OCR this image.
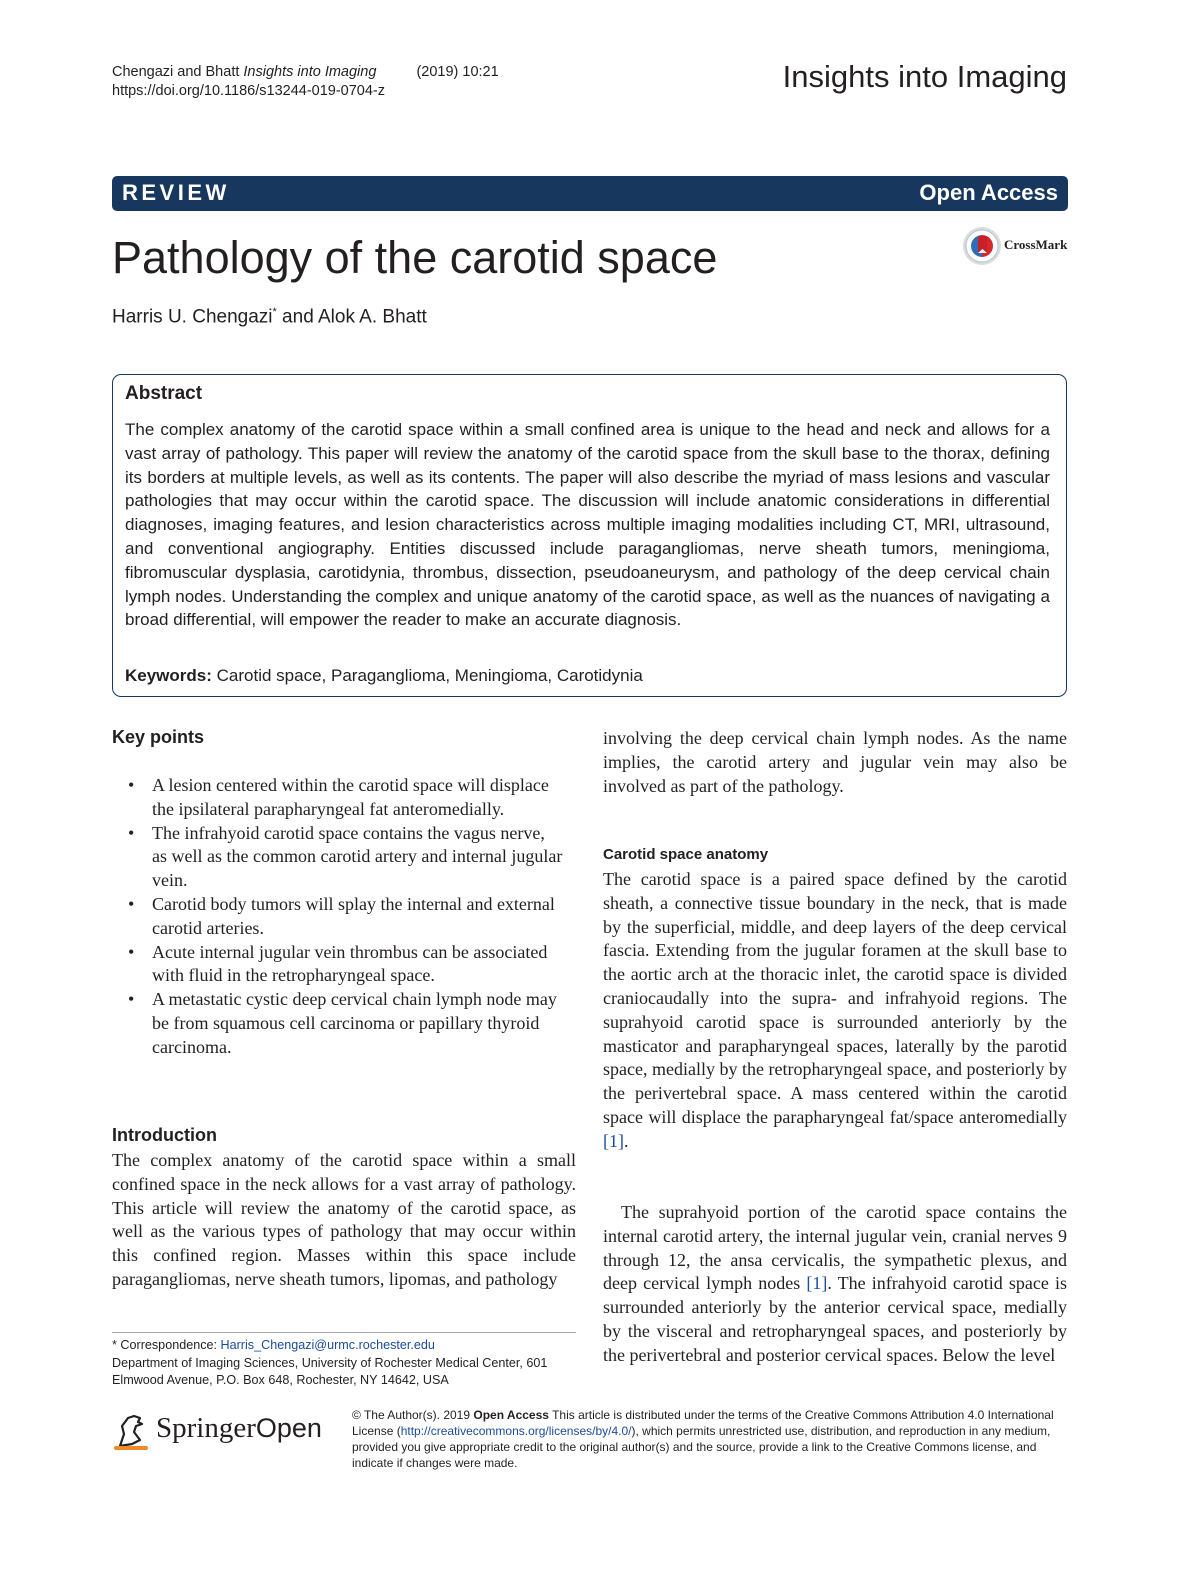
Chengazi and Bhatt Insights into Imaging	(2019) 10:21
https://doi.org/10.1186/s13244-019-0704-z	Insights into Imaging
REVIEW	Open Access
Pathology of the carotid space	CrossMark
Harris U. Chengazi* and Alok A. Bhatt
Abstract
The complex anatomy of the carotid space within a small confined area is unique to the head and neck and allows for a vast array of pathology. This paper will review the anatomy of the carotid space from the skull base to the thorax, defining its borders at multiple levels, as well as its contents. The paper will also describe the myriad of mass lesions and vascular pathologies that may occur within the carotid space. The discussion will include anatomic considerations in differential diagnoses, imaging features, and lesion characteristics across multiple imaging modalities including CT, MRI, ultrasound, and conventional angiography. Entities discussed include paragangliomas, nerve sheath tumors, meningioma, fibromuscular dysplasia, carotidynia, thrombus, dissection, pseudoaneurysm, and pathology of the deep cervical chain lymph nodes. Understanding the complex and unique anatomy of the carotid space, as well as the nuances of navigating a broad differential, will empower the reader to make an accurate diagnosis.
Keywords: Carotid space, Paraganglioma, Meningioma, Carotidynia
Key points
• A lesion centered within the carotid space will displace the ipsilateral parapharyngeal fat anteromedially.
• The infrahyoid carotid space contains the vagus nerve, as well as the common carotid artery and internal jugular vein.
• Carotid body tumors will splay the internal and external carotid arteries.
• Acute internal jugular vein thrombus can be associated with fluid in the retropharyngeal space.
• A metastatic cystic deep cervical chain lymph node may be from squamous cell carcinoma or papillary thyroid carcinoma.
Introduction
The complex anatomy of the carotid space within a small confined space in the neck allows for a vast array of pathology. This article will review the anatomy of the carotid space, as well as the various types of pathology that may occur within this confined region. Masses within this space include paragangliomas, nerve sheath tumors, lipomas, and pathology
* Correspondence: Harris_Chengazi@urmc.rochester.edu
Department of Imaging Sciences, University of Rochester Medical Center, 601 Elmwood Avenue, P.O. Box 648, Rochester, NY 14642, USA
involving the deep cervical chain lymph nodes. As the name implies, the carotid artery and jugular vein may also be involved as part of the pathology.
Carotid space anatomy
The carotid space is a paired space defined by the carotid sheath, a connective tissue boundary in the neck, that is made by the superficial, middle, and deep layers of the deep cervical fascia. Extending from the jugular foramen at the skull base to the aortic arch at the thoracic inlet, the carotid space is divided craniocaudally into the supra- and infrahyoid regions. The suprahyoid carotid space is surrounded anteriorly by the masticator and parapharyngeal spaces, laterally by the parotid space, medially by the retropharyngeal space, and posteriorly by the perivertebral space. A mass centered within the carotid space will displace the parapharyngeal fat/space anteromedially [1].
The suprahyoid portion of the carotid space contains the internal carotid artery, the internal jugular vein, cranial nerves 9 through 12, the ansa cervicalis, the sympathetic plexus, and deep cervical lymph nodes [1]. The infrahyoid carotid space is surrounded anteriorly by the anterior cervical space, medially by the visceral and retropharyngeal spaces, and posteriorly by the perivertebral and posterior cervical spaces. Below the level
SpringerOpen	© The Author(s). 2019 Open Access This article is distributed under the terms of the Creative Commons Attribution 4.0 International License (http://creativecommons.org/licenses/by/4.0/), which permits unrestricted use, distribution, and reproduction in any medium, provided you give appropriate credit to the original author(s) and the source, provide a link to the Creative Commons license, and indicate if changes were made.
